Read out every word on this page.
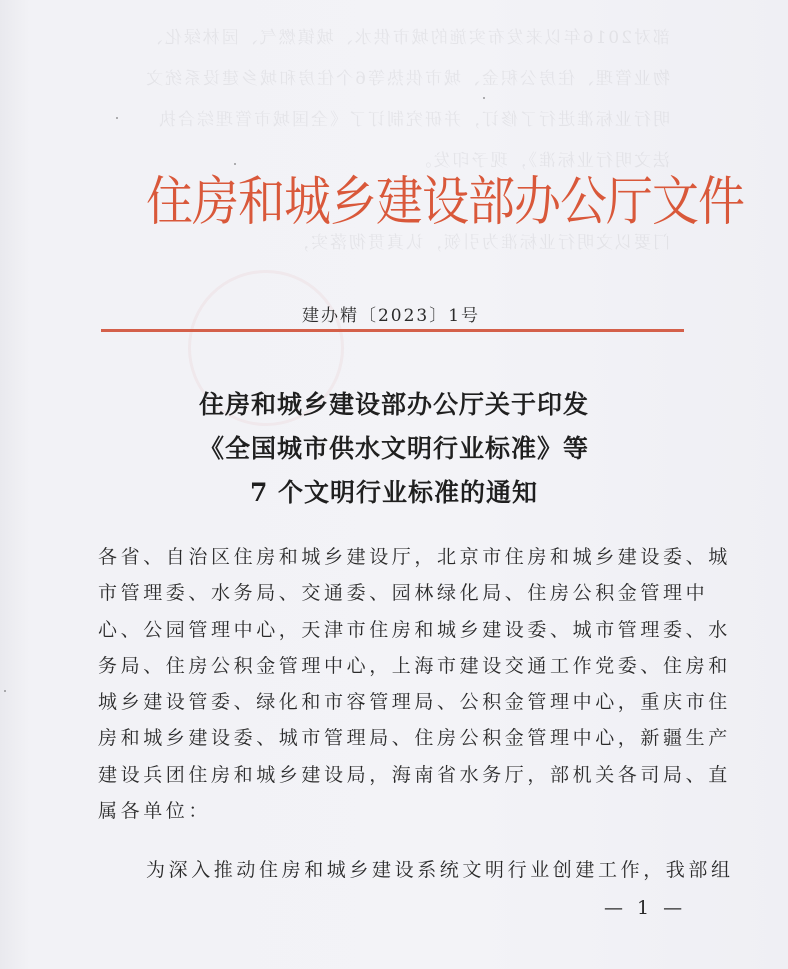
部对2016年以来发布实施的城市供水、城镇燃气、园林绿化、
物业管理、住房公积金、城市供热等6个住房和城乡建设系统文
明行业标准进行了修订，并研究制订了《全国城市管理综合执
法文明行业标准》，现予印发。

门要以文明行业标准为引领，认真贯彻落实，
住房和城乡建设部办公厅文件
建办精〔2023〕1号
住房和城乡建设部办公厅关于印发
《全国城市供水文明行业标准》等
7 个文明行业标准的通知
各省、自治区住房和城乡建设厅，北京市住房和城乡建设委、城
市管理委、水务局、交通委、园林绿化局、住房公积金管理中
心、公园管理中心，天津市住房和城乡建设委、城市管理委、水
务局、住房公积金管理中心，上海市建设交通工作党委、住房和
城乡建设管委、绿化和市容管理局、公积金管理中心，重庆市住
房和城乡建设委、城市管理局、住房公积金管理中心，新疆生产
建设兵团住房和城乡建设局，海南省水务厅，部机关各司局、直
属各单位：
为深入推动住房和城乡建设系统文明行业创建工作，我部组
— 1 —
